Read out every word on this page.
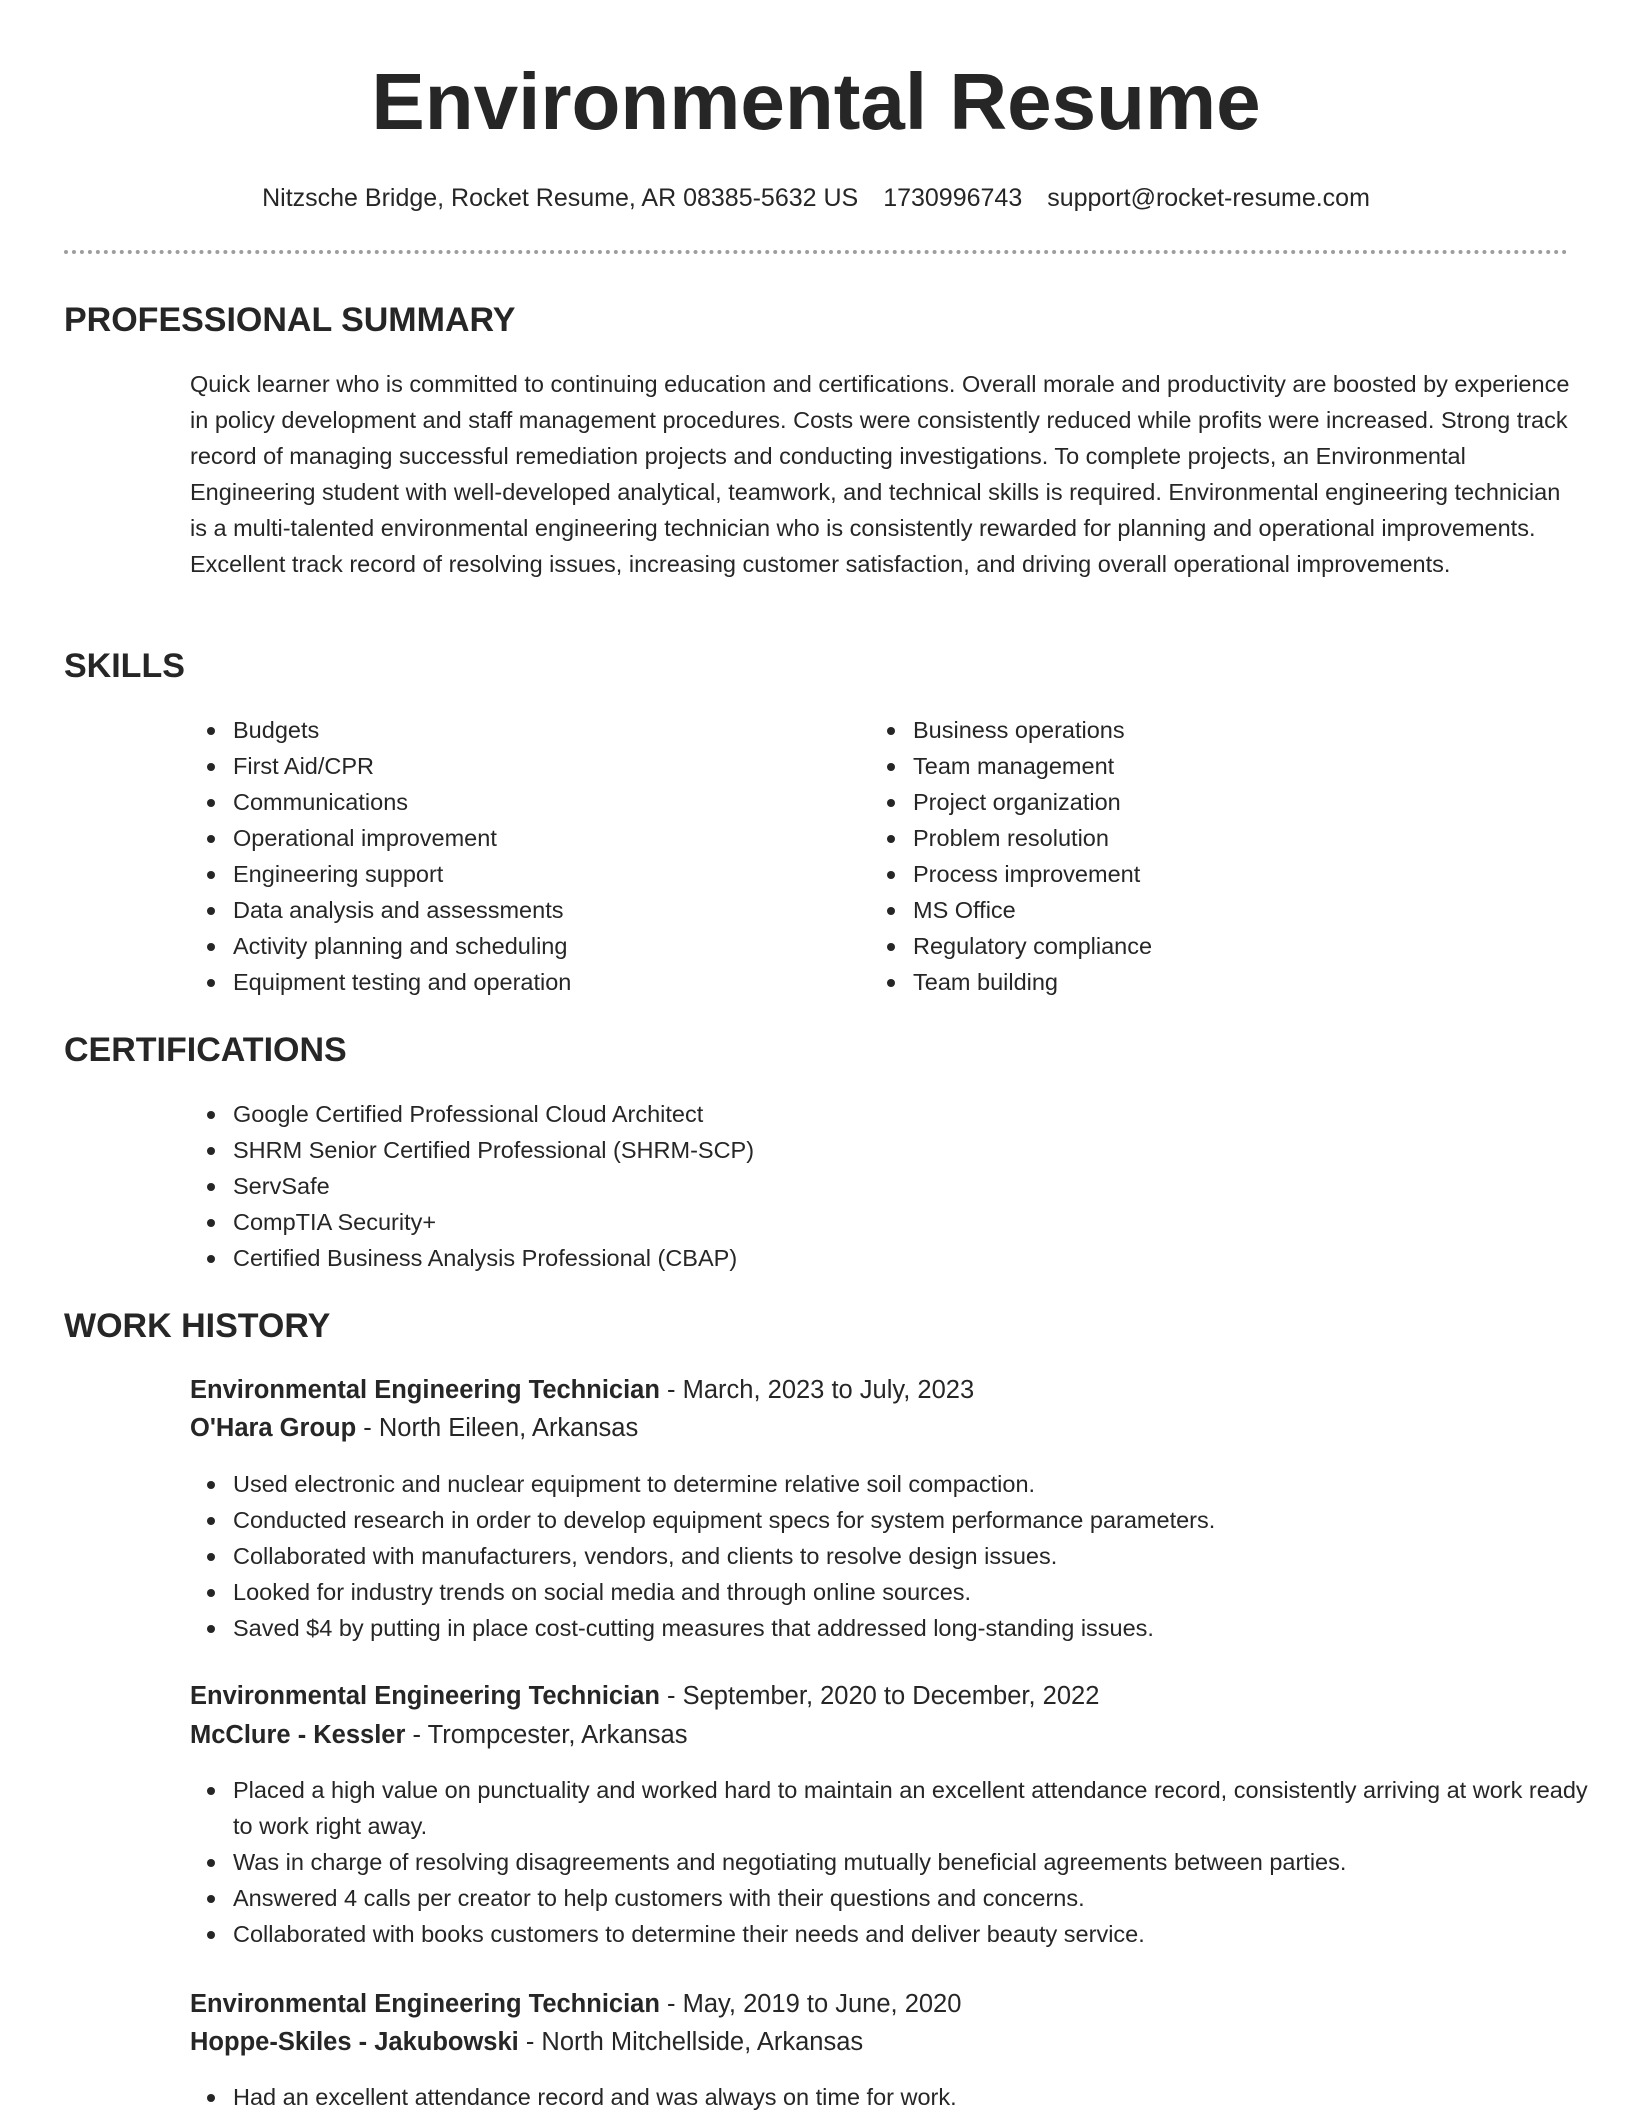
Environmental Resume
Nitzsche Bridge, Rocket Resume, AR 08385-5632 US 1730996743 support@rocket-resume.com
PROFESSIONAL SUMMARY

Quick learner who is committed to continuing education and certifications. Overall morale and productivity are boosted by experience in policy development and staff management procedures. Costs were consistently reduced while profits were increased. Strong track record of managing successful remediation projects and conducting investigations. To complete projects, an Environmental Engineering student with well-developed analytical, teamwork, and technical skills is required. Environmental engineering technician is a multi-talented environmental engineering technician who is consistently rewarded for planning and operational improvements. Excellent track record of resolving issues, increasing customer satisfaction, and driving overall operational improvements.

SKILLS
Budgets
First Aid/CPR
Communications
Operational improvement
Engineering support
Data analysis and assessments
Activity planning and scheduling
Equipment testing and operation
Business operations
Team management
Project organization
Problem resolution
Process improvement
MS Office
Regulatory compliance
Team building
CERTIFICATIONS
Google Certified Professional Cloud Architect
SHRM Senior Certified Professional (SHRM-SCP)
ServSafe
CompTIA Security+
Certified Business Analysis Professional (CBAP)
WORK HISTORY
Environmental Engineering Technician - March, 2023 to July, 2023
O'Hara Group - North Eileen, Arkansas
Used electronic and nuclear equipment to determine relative soil compaction.
Conducted research in order to develop equipment specs for system performance parameters.
Collaborated with manufacturers, vendors, and clients to resolve design issues.
Looked for industry trends on social media and through online sources.
Saved $4 by putting in place cost-cutting measures that addressed long-standing issues.
Environmental Engineering Technician - September, 2020 to December, 2022
McClure - Kessler - Trompcester, Arkansas
Placed a high value on punctuality and worked hard to maintain an excellent attendance record, consistently arriving at work ready to work right away.
Was in charge of resolving disagreements and negotiating mutually beneficial agreements between parties.
Answered 4 calls per creator to help customers with their questions and concerns.
Collaborated with books customers to determine their needs and deliver beauty service.
Environmental Engineering Technician - May, 2019 to June, 2020
Hoppe-Skiles - Jakubowski - North Mitchellside, Arkansas
Had an excellent attendance record and was always on time for work.
